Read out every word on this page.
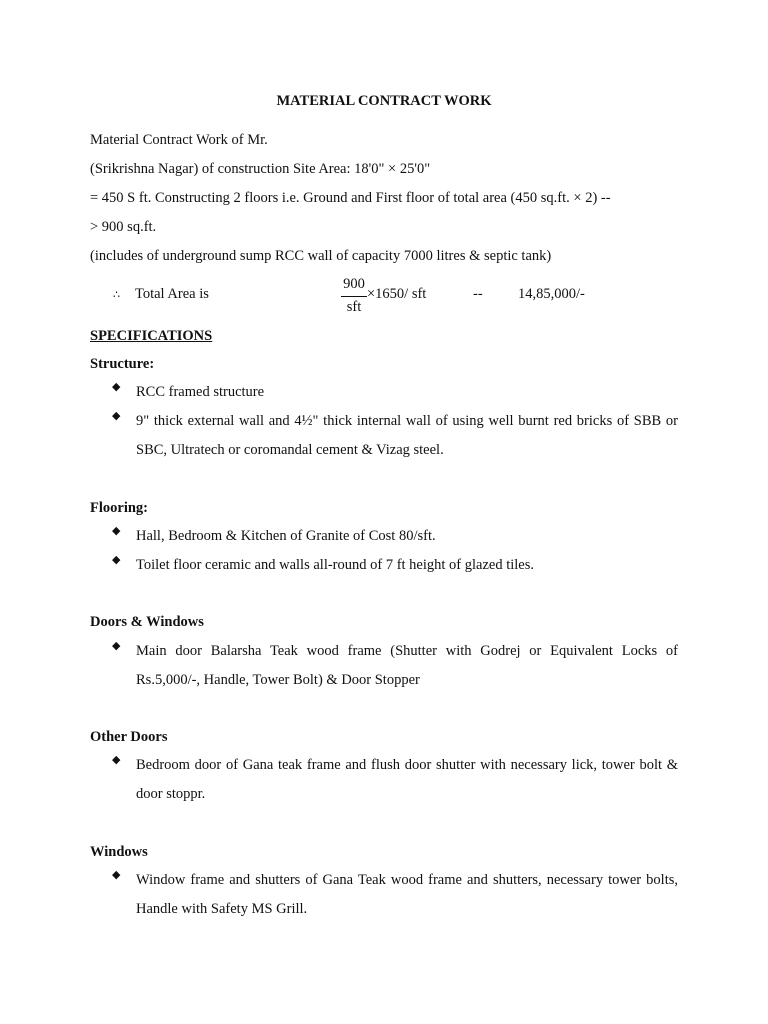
MATERIAL CONTRACT WORK
Material Contract Work of Mr.
(Srikrishna Nagar) of construction Site Area: 18'0" × 25'0"
= 450 S ft. Constructing 2 floors i.e. Ground and First floor of total area (450 sq.ft. × 2) --
> 900 sq.ft.
(includes of underground sump RCC wall of capacity 7000 litres & septic tank)
∴ Total Area is
900
sft
×1650/ sft	-- 14,85,000/-
SPECIFICATIONS
Structure:
◆ RCC framed structure
◆ 9" thick external wall and 4½" thick internal wall of using well burnt red bricks of SBB or SBC, Ultratech or coromandal cement & Vizag steel.
Flooring:
◆ Hall, Bedroom & Kitchen of Granite of Cost 80/sft.
◆ Toilet floor ceramic and walls all-round of 7 ft height of glazed tiles.
Doors & Windows
◆ Main door Balarsha Teak wood frame (Shutter with Godrej or Equivalent Locks of Rs.5,000/-, Handle, Tower Bolt) & Door Stopper
Other Doors
◆ Bedroom door of Gana teak frame and flush door shutter with necessary lick, tower bolt & door stoppr.
Windows
◆ Window frame and shutters of Gana Teak wood frame and shutters, necessary tower bolts, Handle with Safety MS Grill.
